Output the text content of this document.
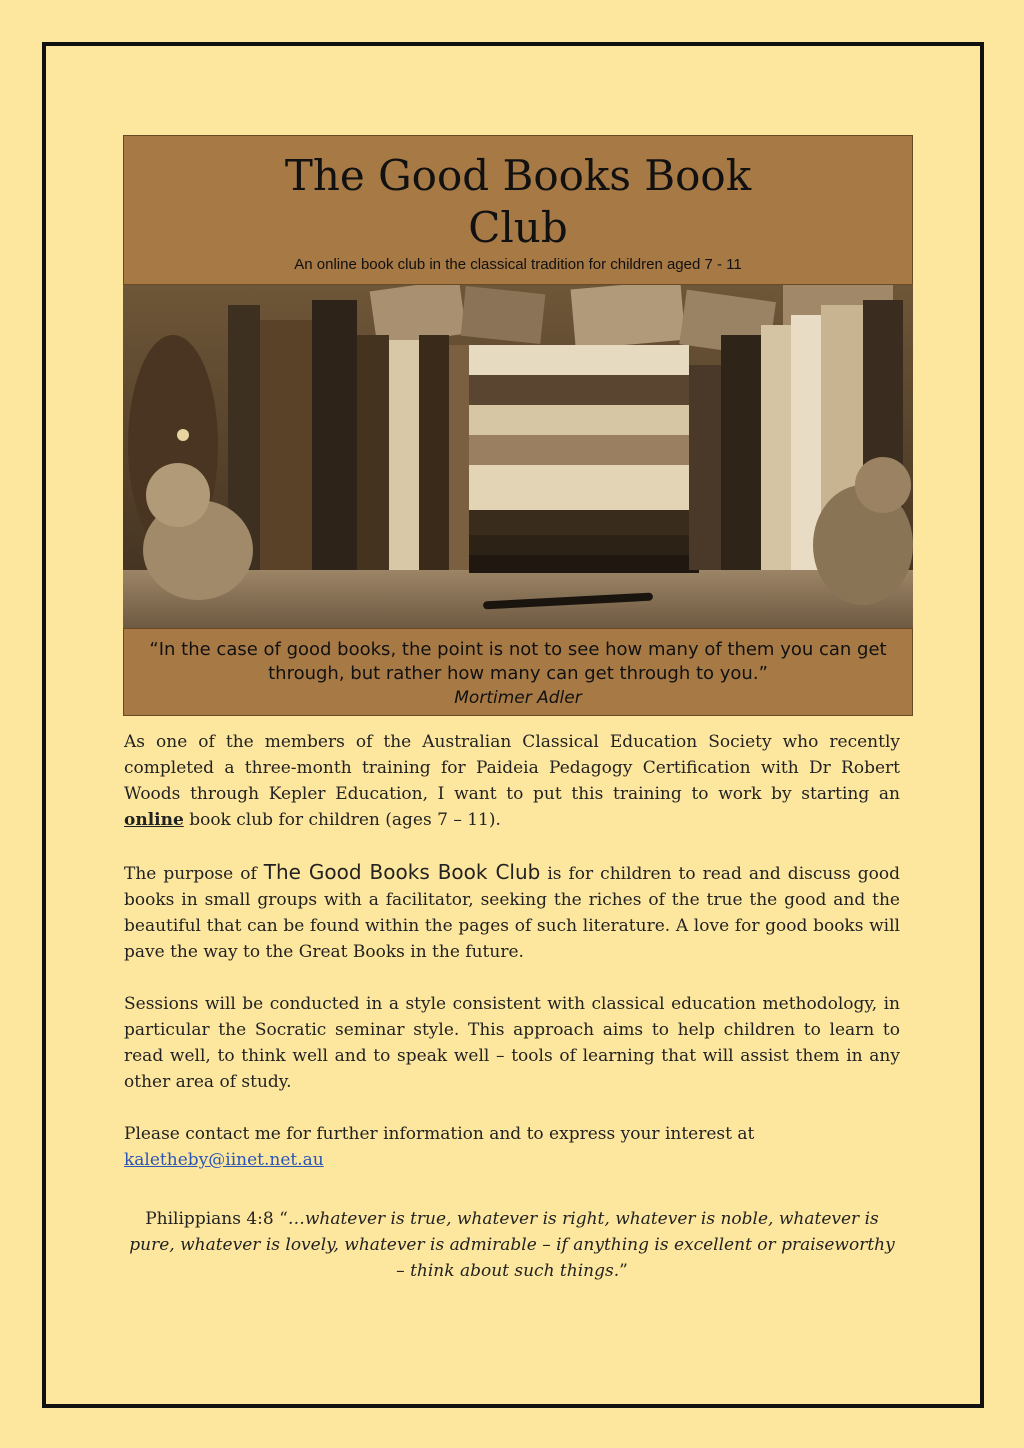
The Good Books Book
Club
An online book club in the classical tradition for children aged 7 - 11
“In the case of good books, the point is not to see how many of them you can get
through, but rather how many can get through to you.”
Mortimer Adler

As one of the members of the Australian Classical Education Society who recently completed a three-month training for Paideia Pedagogy Certification with Dr Robert Woods through Kepler Education, I want to put this training to work by starting an online book club for children (ages 7 – 11).

The purpose of The Good Books Book Club is for children to read and discuss good books in small groups with a facilitator, seeking the riches of the true the good and the beautiful that can be found within the pages of such literature. A love for good books will pave the way to the Great Books in the future.

Sessions will be conducted in a style consistent with classical education methodology, in particular the Socratic seminar style. This approach aims to help children to learn to read well, to think well and to speak well – tools of learning that will assist them in any other area of study.

Please contact me for further information and to express your interest at
kaletheby@iinet.net.au

Philippians 4:8 “…whatever is true, whatever is right, whatever is noble, whatever is pure, whatever is lovely, whatever is admirable – if anything is excellent or praiseworthy – think about such things.”
